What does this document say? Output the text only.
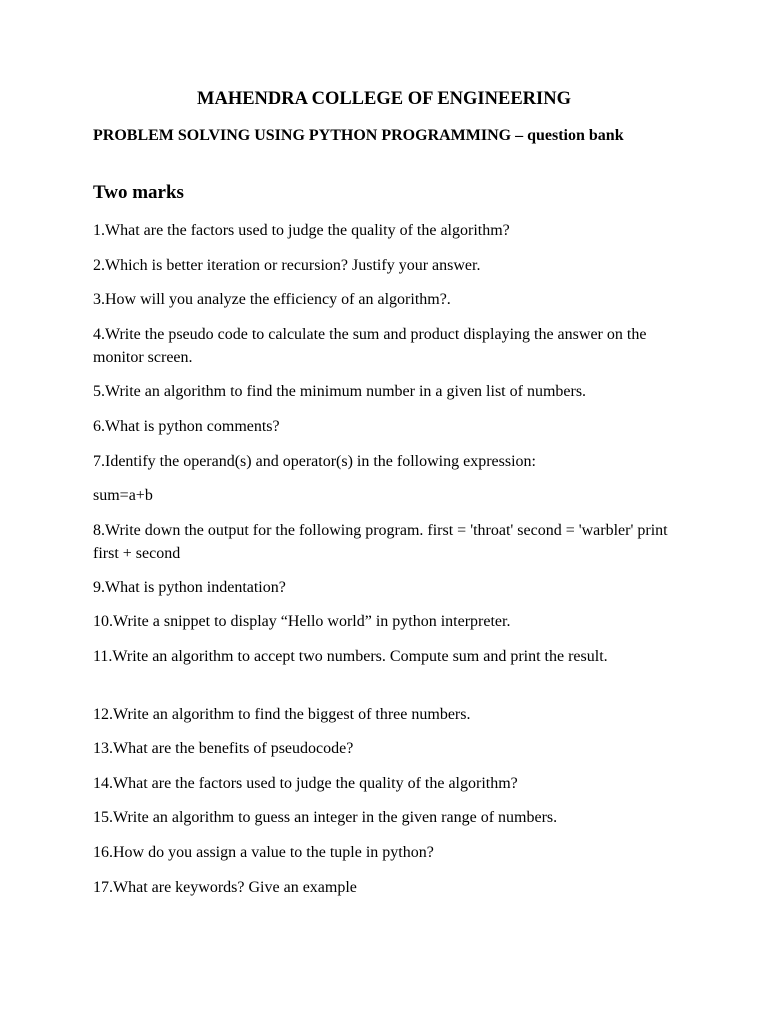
MAHENDRA COLLEGE OF ENGINEERING

PROBLEM SOLVING USING PYTHON PROGRAMMING – question bank

Two marks

1.What are the factors used to judge the quality of the algorithm?

2.Which is better iteration or recursion? Justify your answer.

3.How will you analyze the efficiency of an algorithm?.

4.Write the pseudo code to calculate the sum and product displaying the answer on the monitor screen.

5.Write an algorithm to find the minimum number in a given list of numbers.

6.What is python comments?

7.Identify the operand(s) and operator(s) in the following expression:

sum=a+b

8.Write down the output for the following program. first = 'throat' second = 'warbler' print first + second

9.What is python indentation?

10.Write a snippet to display “Hello world” in python interpreter.

11.Write an algorithm to accept two numbers. Compute sum and print the result.

12.Write an algorithm to find the biggest of three numbers.

13.What are the benefits of pseudocode?

14.What are the factors used to judge the quality of the algorithm?

15.Write an algorithm to guess an integer in the given range of numbers.

16.How do you assign a value to the tuple in python?

17.What are keywords? Give an example
